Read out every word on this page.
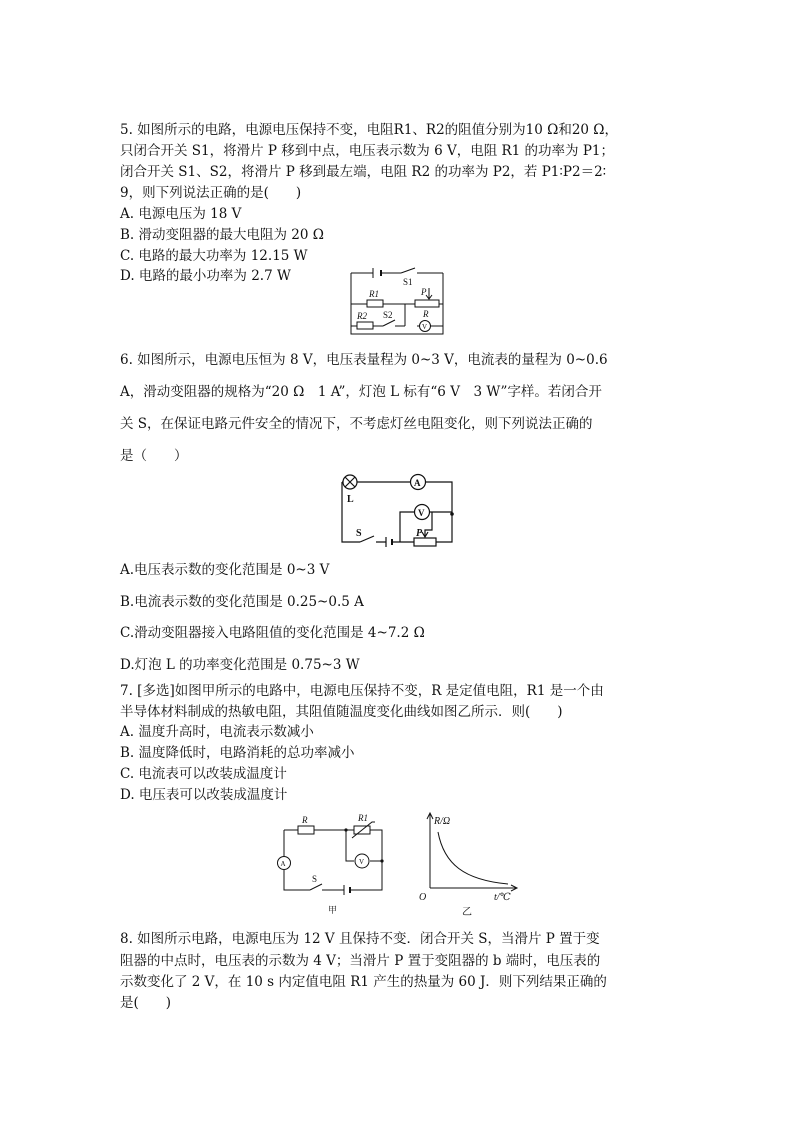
5. 如图所示的电路，电源电压保持不变，电阻R1、R2的阻值分别为10 Ω和20 Ω，
只闭合开关 S1，将滑片 P 移到中点，电压表示数为 6 V，电阻 R1 的功率为 P1；
闭合开关 S1、S2，将滑片 P 移到最左端，电阻 R2 的功率为 P2，若 P1∶P2＝2∶
9，则下列说法正确的是(　　)
A. 电源电压为 18 V
B. 滑动变阻器的最大电阻为 20 Ω
C. 电路的最大功率为 12.15 W
D. 电路的最小功率为 2.7 W	S1
R1	P
R
R2 S2
V
6. 如图所示，电源电压恒为 8 V，电压表量程为 0~3 V，电流表的量程为 0~0.6
A，滑动变阻器的规格为“20 Ω　1 A”，灯泡 L 标有“6 V　3 W”字样。若闭合开
关 S，在保证电路元件安全的情况下，不考虑灯丝电阻变化，则下列说法正确的
是（　　）
L
A
V
S	P
A.电压表示数的变化范围是 0~3 V
B.电流表示数的变化范围是 0.25~0.5 A
C.滑动变阻器接入电路阻值的变化范围是 4~7.2 Ω
D.灯泡 L 的功率变化范围是 0.75~3 W
7. [多选]如图甲所示的电路中，电源电压保持不变，R 是定值电阻，R1 是一个由
半导体材料制成的热敏电阻，其阻值随温度变化曲线如图乙所示．则(　　)
A. 温度升高时，电流表示数减小
B. 温度降低时，电路消耗的总功率减小
C. 电流表可以改装成温度计
D. 电压表可以改装成温度计
R	R1
A	V
S
甲
R/Ω
O	t/℃
乙
8. 如图所示电路，电源电压为 12 V 且保持不变．闭合开关 S，当滑片 P 置于变
阻器的中点时，电压表的示数为 4 V；当滑片 P 置于变阻器的 b 端时，电压表的
示数变化了 2 V，在 10 s 内定值电阻 R1 产生的热量为 60 J．则下列结果正确的
是(　　)
